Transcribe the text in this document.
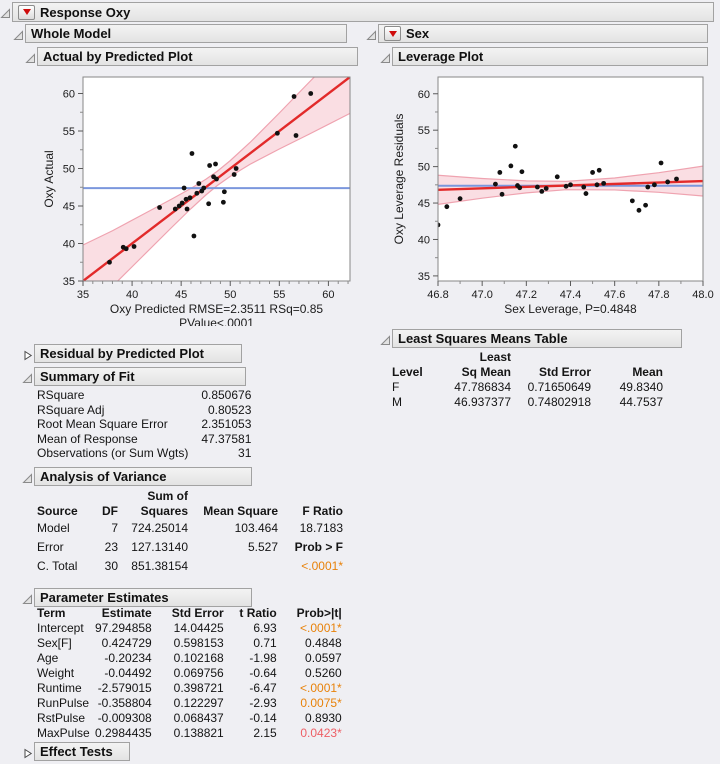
Response Oxy
Whole Model
Actual by Predicted Plot
35	40	45	50	55	60
35
40
45
50
55
60
Oxy Predicted RMSE=2.3511 RSq=0.85
PValue<.0001
Oxy Actual
Residual by Predicted Plot
Summary of Fit
RSquare	0.850676
RSquare Adj	0.80523
Root Mean Square Error	2.351053
Mean of Response	47.37581
Observations (or Sum Wgts)	31
Analysis of Variance
		Sum of		
Source	DF	Squares	Mean Square	F Ratio
Model	7	724.25014	103.464	18.7183
Error	23	127.13140	5.527	Prob > F
C. Total	30	851.38154		<.0001*
Parameter Estimates
Term	Estimate	Std Error	t Ratio	Prob>|t|
Intercept	97.294858	14.04425	6.93	<.0001*
Sex[F]	0.424729	0.598153	0.71	0.4848
Age	-0.20234	0.102168	-1.98	0.0597
Weight	-0.04492	0.069756	-0.64	0.5260
Runtime	-2.579015	0.398721	-6.47	<.0001*
RunPulse	-0.358804	0.122297	-2.93	0.0075*
RstPulse	-0.009308	0.068437	-0.14	0.8930
MaxPulse	0.2984435	0.138821	2.15	0.0423*
Effect Tests
Sex
Leverage Plot
46.8 47.0 47.2 47.4 47.6 47.8 48.0
35
40
45
50
55
60
Sex Leverage, P=0.4848
Oxy Leverage Residuals
Least Squares Means Table
	Least		
Level	Sq Mean	Std Error	Mean
F	47.786834	0.71650649	49.8340
M	46.937377	0.74802918	44.7537
